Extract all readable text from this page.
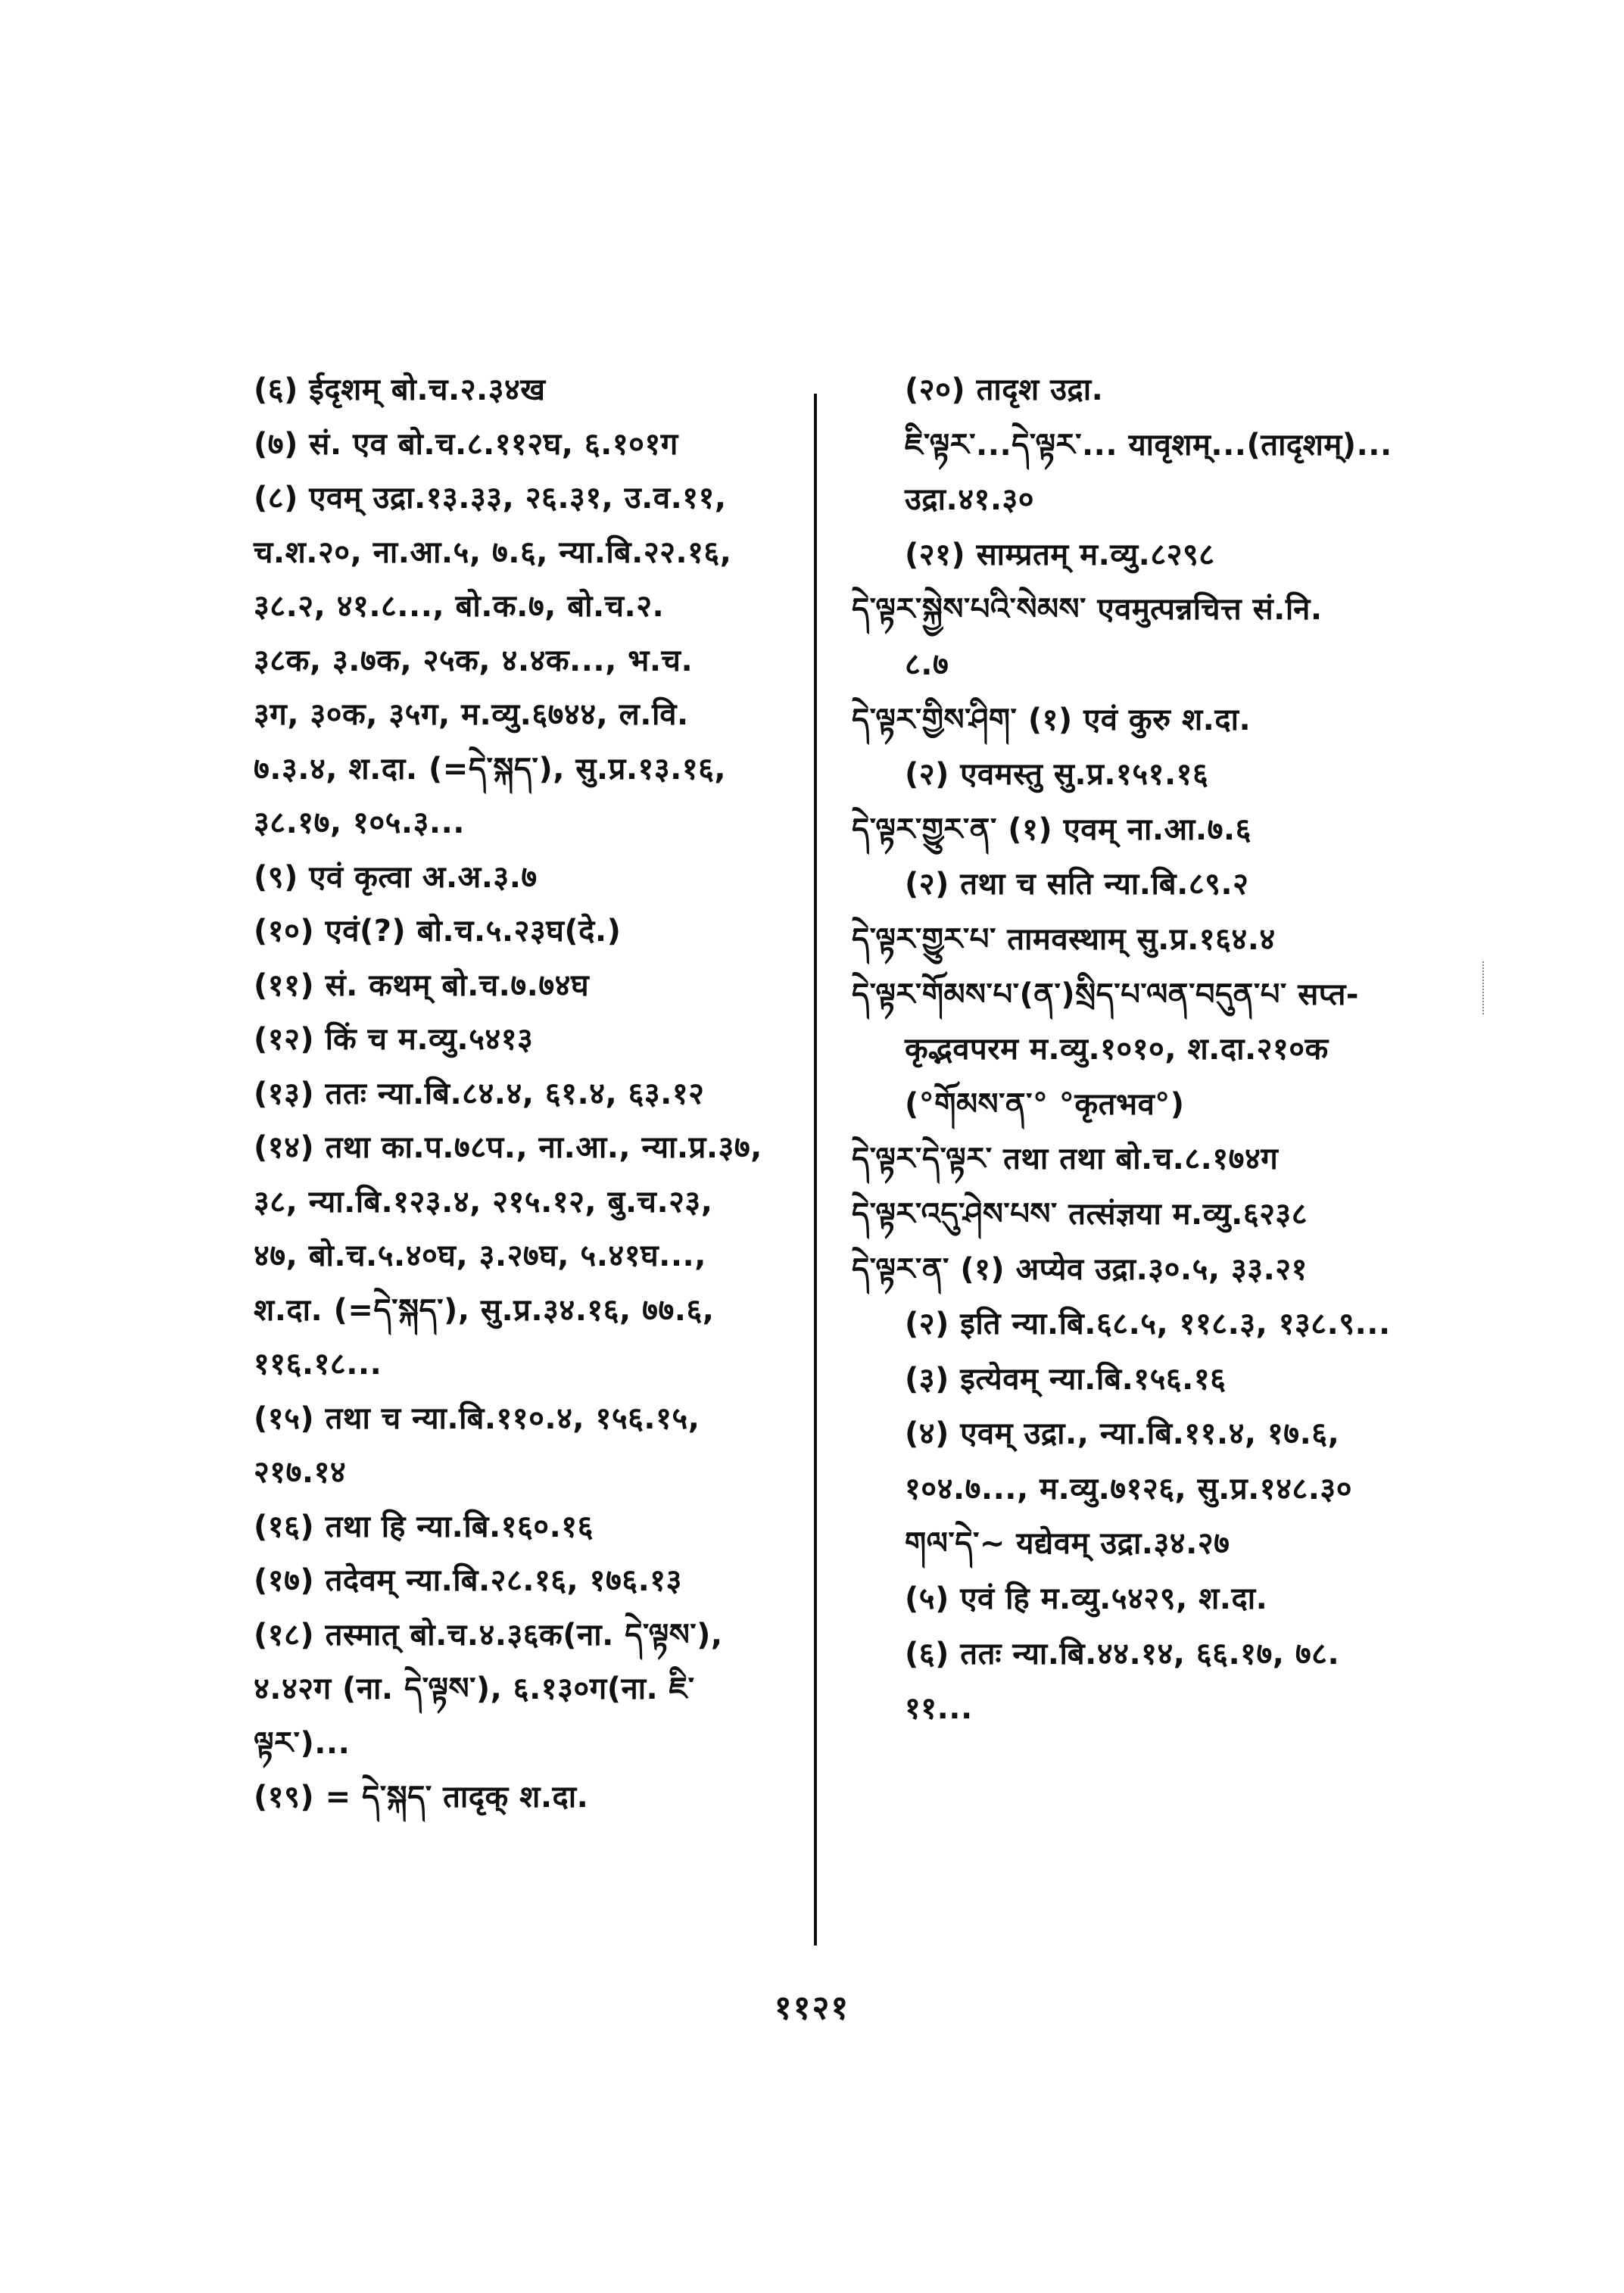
(६) ईदृशम् बो.च.२.३४ख
(७) सं. एव बो.च.८.११२घ, ६.१०१ग
(८) एवम् उद्रा.१३.३३, २६.३१, उ.व.११,
च.श.२०, ना.आ.५, ७.६, न्या.बि.२२.१६,
३८.२, ४१.८..., बो.क.७, बो.च.२.
३८क, ३.७क, २५क, ४.४क..., भ.च.
३ग, ३०क, ३५ग, म.व्यु.६७४४, ल.वि.
७.३.४, श.दा. (=དེ་སྐད་), सु.प्र.१३.१६,
३८.१७, १०५.३...
(९) एवं कृत्वा अ.अ.३.७
(१०) एवं(?) बो.च.५.२३घ(दे.)
(११) सं. कथम् बो.च.७.७४घ
(१२) किं च म.व्यु.५४१३
(१३) ततः न्या.बि.८४.४, ६१.४, ६३.१२
(१४) तथा का.प.७८प., ना.आ., न्या.प्र.३७,
३८, न्या.बि.१२३.४, २१५.१२, बु.च.२३,
४७, बो.च.५.४०घ, ३.२७घ, ५.४१घ...,
श.दा. (=དེ་སྐད་), सु.प्र.३४.१६, ७७.६,
११६.१८...
(१५) तथा च न्या.बि.११०.४, १५६.१५,
२१७.१४
(१६) तथा हि न्या.बि.१६०.१६
(१७) तदेवम् न्या.बि.२८.१६, १७६.१३
(१८) तस्मात् बो.च.४.३६क(ना. དེ་ལྟས་),
४.४२ग (ना. དེ་ལྟས་), ६.१३०ग(ना. ཇི་
ལྟར་)...
(१९) = དེ་སྐད་ तादृक् श.दा.
(२०) तादृश उद्रा.
ཇི་ལྟར་...དེ་ལྟར་... यावृशम्...(तादृशम्)...
उद्रा.४१.३०
(२१) साम्प्रतम् म.व्यु.८२९८
དེ་ལྟར་སྐྱེས་པའི་སེམས་ एवमुत्पन्नचित्त सं.नि.
८.७
དེ་ལྟར་གྱིས་ཤིག་ (१) एवं कुरु श.दा.
(२) एवमस्तु सु.प्र.१५१.१६
དེ་ལྟར་གྱུར་ན་ (१) एवम् ना.आ.७.६
(२) तथा च सति न्या.बि.८९.२
དེ་ལྟར་གྱུར་པ་ तामवस्थाम् सु.प्र.१६४.४
དེ་ལྟར་གོམས་པ་(ན་)སྲིད་པ་ལན་བདུན་པ་ सप्त-
कृद्भवपरम म.व्यु.१०१०, श.दा.२१०क
(°གོམས་ན་° °कृतभव°)
དེ་ལྟར་དེ་ལྟར་ तथा तथा बो.च.८.१७४ग
དེ་ལྟར་འདུ་ཤེས་པས་ तत्संज्ञया म.व्यु.६२३८
དེ་ལྟར་ན་ (१) अप्येव उद्रा.३०.५, ३३.२१
(२) इति न्या.बि.६८.५, ११८.३, १३८.९...
(३) इत्येवम् न्या.बि.१५६.१६
(४) एवम् उद्रा., न्या.बि.११.४, १७.६,
१०४.७..., म.व्यु.७१२६, सु.प्र.१४८.३०
གལ་དེ་~ यद्येवम् उद्रा.३४.२७
(५) एवं हि म.व्यु.५४२९, श.दा.
(६) ततः न्या.बि.४४.१४, ६६.१७, ७८.
११...
११२१
